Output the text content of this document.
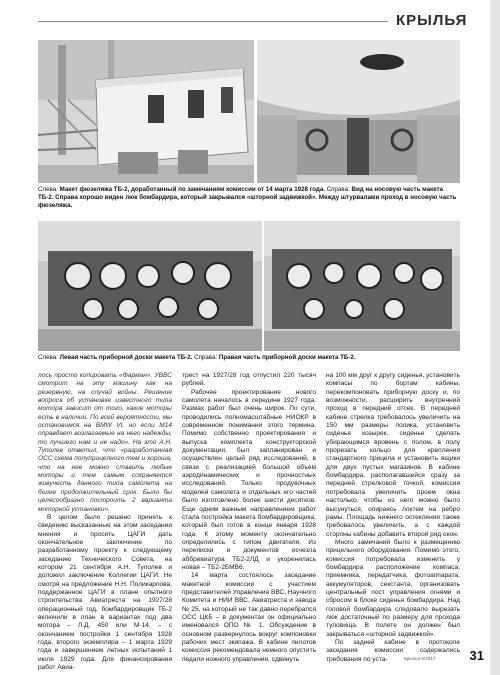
КРЫЛЬЯ
Слева: Макет фюзеляжа ТБ-2, доработанный по замечаниям комиссии от 14 марта 1928 года. Справа: Вид на носовую часть макета ТБ-2. Справа хорошо виден люк бомбардира, который закрывался «шторной задвижкой». Между штурвалами проход в носовую часть фюзеляжа.
Слева: Левая часть приборной доски макета ТБ-2. Справа: Правая часть приборной доски макета ТБ-2.

лось просто копировать «Фарман». УВВС смотрит на эту машину как на резервную, на случай войны. Решение вопроса об установке известного типа мотора зависит от того, какие моторы есть в наличии. По всей вероятности, мы остановимся на BMW VI, но если M14 оправдает возлагаемые на него надежды, то лучшего нам и не надо». На это А.Н. Туполев ответил, что «разработанная ОСС схема полуприцепного тем и хороша, что на нее можно ставить любые моторы и тем самым сохраняется живучесть данного типа самолета на более продолжительный срок. Было бы целесообразно построить 2 варианта моторной установки».

В целом было решено принять к сведению высказанные на этом заседании мнения и просить ЦАГИ дать окончательное заключение по разработанному проекту к следующему заседанию Технического Совета, на котором 21 сентября А.Н. Туполев и доложил заключение Коллегии ЦАГИ. Не смотря на предложение Н.Н. Поликарпова, поддержанное ЦАГИ в плане опытного строительства Авиатреста на 1927/28 операционный год, бомбардировщик ТБ-2 включили в план в вариантах под два мотора – Л.Д. 450 или M-14, – с окончанием постройки 1 сентября 1928 года, второго экземпляра – 1 марта 1929 года и завершением летных испытаний 1 июля 1929 года. Для финансирования работ Авиа-

трест на 1927/28 год отпустил 220 тысяч рублей.

Рабочее проектирование нового самолета началось в середине 1927 года. Размах работ был очень широк. По сути, проводились полномасштабные НИОКР в современном понимании этого термина. Помимо собственно проектирования и выпуска комплекта конструкторской документации, был запланирован и осуществлен целый ряд исследований, в связи с реализацией большой объем аэродинамических и прочностных исследований. Только продувочных моделей самолета и отдельных его частей было изготовлено более шести десятков. Еще одним важным направлением работ стала постройка макета бомбардировщика, который был готов в конце января 1928 года. К этому моменту окончательно определились с типом двигателя. Из переписки и документов исчезла аббревиатура ТБ2-2ЛД и укоренилась новая – ТБ2-2БМВ6.

14 марта состоялось заседание макетной комиссии с участием представителей Управления ВВС, Научного Комитета и НИИ ВВС, Авиатреста и завода № 25, на который не так давно перебрался ОСС ЦКБ – в документах он официально именовался ОПО № 1. Обсуждение в основном развернулось вокруг компоновки рабочих мест экипажа. В кабине пилотов комиссия рекомендовала немного опустить педали ножного управления, сдвинуть

на 100 мм друг к другу сиденья, установить компасы по бортам кабины, перекомпоновать приборную доску и, по возможности, расширить внутренний проход в передний отсек. В передней кабине стрелка требовалось увеличить на 150 мм размеры полика, установить сиденья козырек, сиденье сделать убирающимся вровень с полом, в полу прорезать кольцо для крепления стандартного прицела и установить ящики для двух пустых магазинов. В кабине бомбардира, располагавшейся сразу за передней стрелковой точкой, комиссия потребовала увеличить проем окна настолько, чтобы из него можно было высунуться, опираясь локтем на ребро рамы. Площадь нижнего остекления также требовалось увеличить, а с каждой стороны кабины добавить второй ряд окон.

Много замечаний было к размещению прицельного оборудования. Помимо этого, комиссия потребовала изменить у бомбардира расположение компаса, приемника, передатчика, фотоаппарата, аккумуляторов, секстанта, организовать центральный пост управления огнями и сбросом в блоке сиденья бомбардира. Над головой бомбардира следовало вырезать люк достаточный по размеру для прохода туловища. В полете он должен был закрываться «шторной задвижкой».

По задней кабине в протоколе заседания комиссии содержались требования по уста-	Крылья 5/2017	31
